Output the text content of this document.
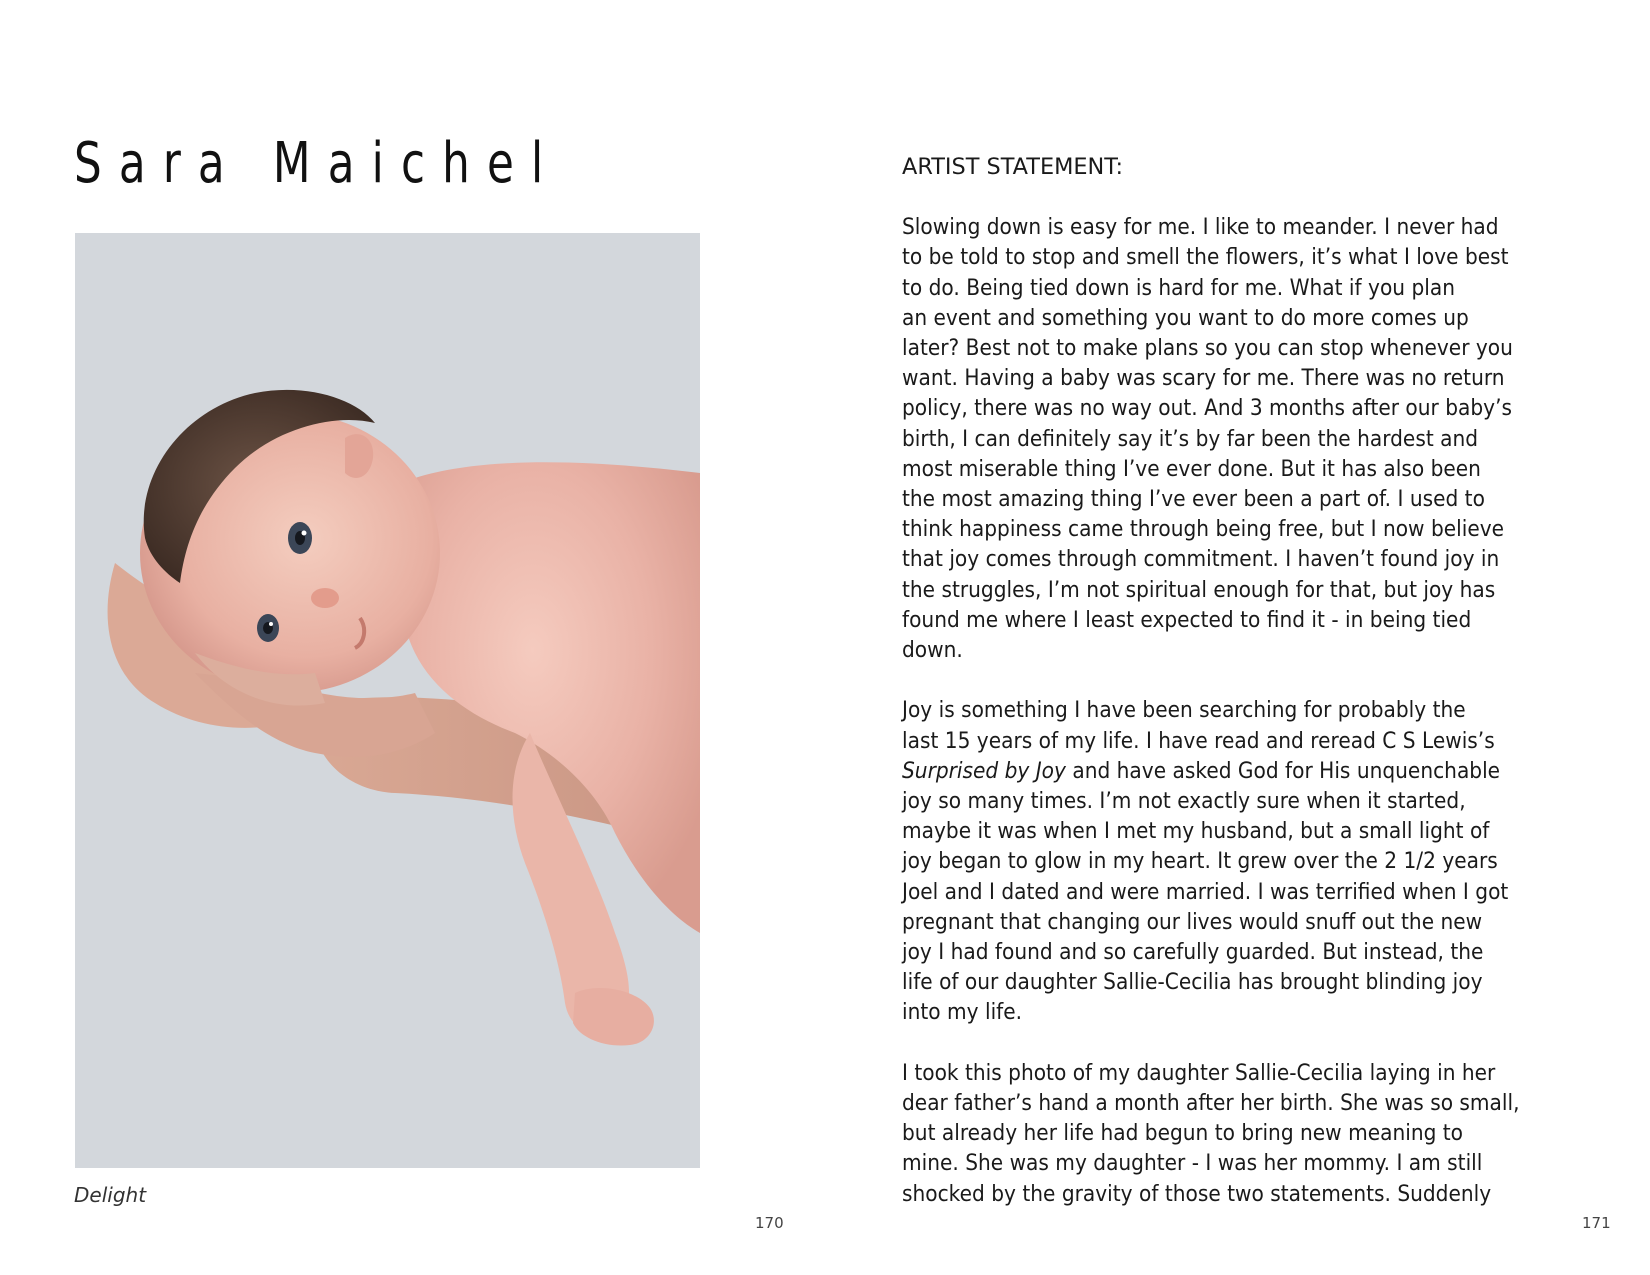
Sara Maichel

Delight

170

ARTIST STATEMENT:

Slowing down is easy for me. I like to meander. I never had
to be told to stop and smell the flowers, it’s what I love best
to do. Being tied down is hard for me. What if you plan
an event and something you want to do more comes up
later? Best not to make plans so you can stop whenever you
want. Having a baby was scary for me. There was no return
policy, there was no way out. And 3 months after our baby’s
birth, I can definitely say it’s by far been the hardest and
most miserable thing I’ve ever done. But it has also been
the most amazing thing I’ve ever been a part of. I used to
think happiness came through being free, but I now believe
that joy comes through commitment. I haven’t found joy in
the struggles, I’m not spiritual enough for that, but joy has
found me where I least expected to find it - in being tied
down.

Joy is something I have been searching for probably the
last 15 years of my life. I have read and reread C S Lewis’s
Surprised by Joy and have asked God for His unquenchable
joy so many times. I’m not exactly sure when it started,
maybe it was when I met my husband, but a small light of
joy began to glow in my heart. It grew over the 2 1/2 years
Joel and I dated and were married. I was terrified when I got
pregnant that changing our lives would snuff out the new
joy I had found and so carefully guarded. But instead, the
life of our daughter Sallie-Cecilia has brought blinding joy
into my life.

I took this photo of my daughter Sallie-Cecilia laying in her
dear father’s hand a month after her birth. She was so small,
but already her life had begun to bring new meaning to
mine. She was my daughter - I was her mommy. I am still
shocked by the gravity of those two statements. Suddenly

171
